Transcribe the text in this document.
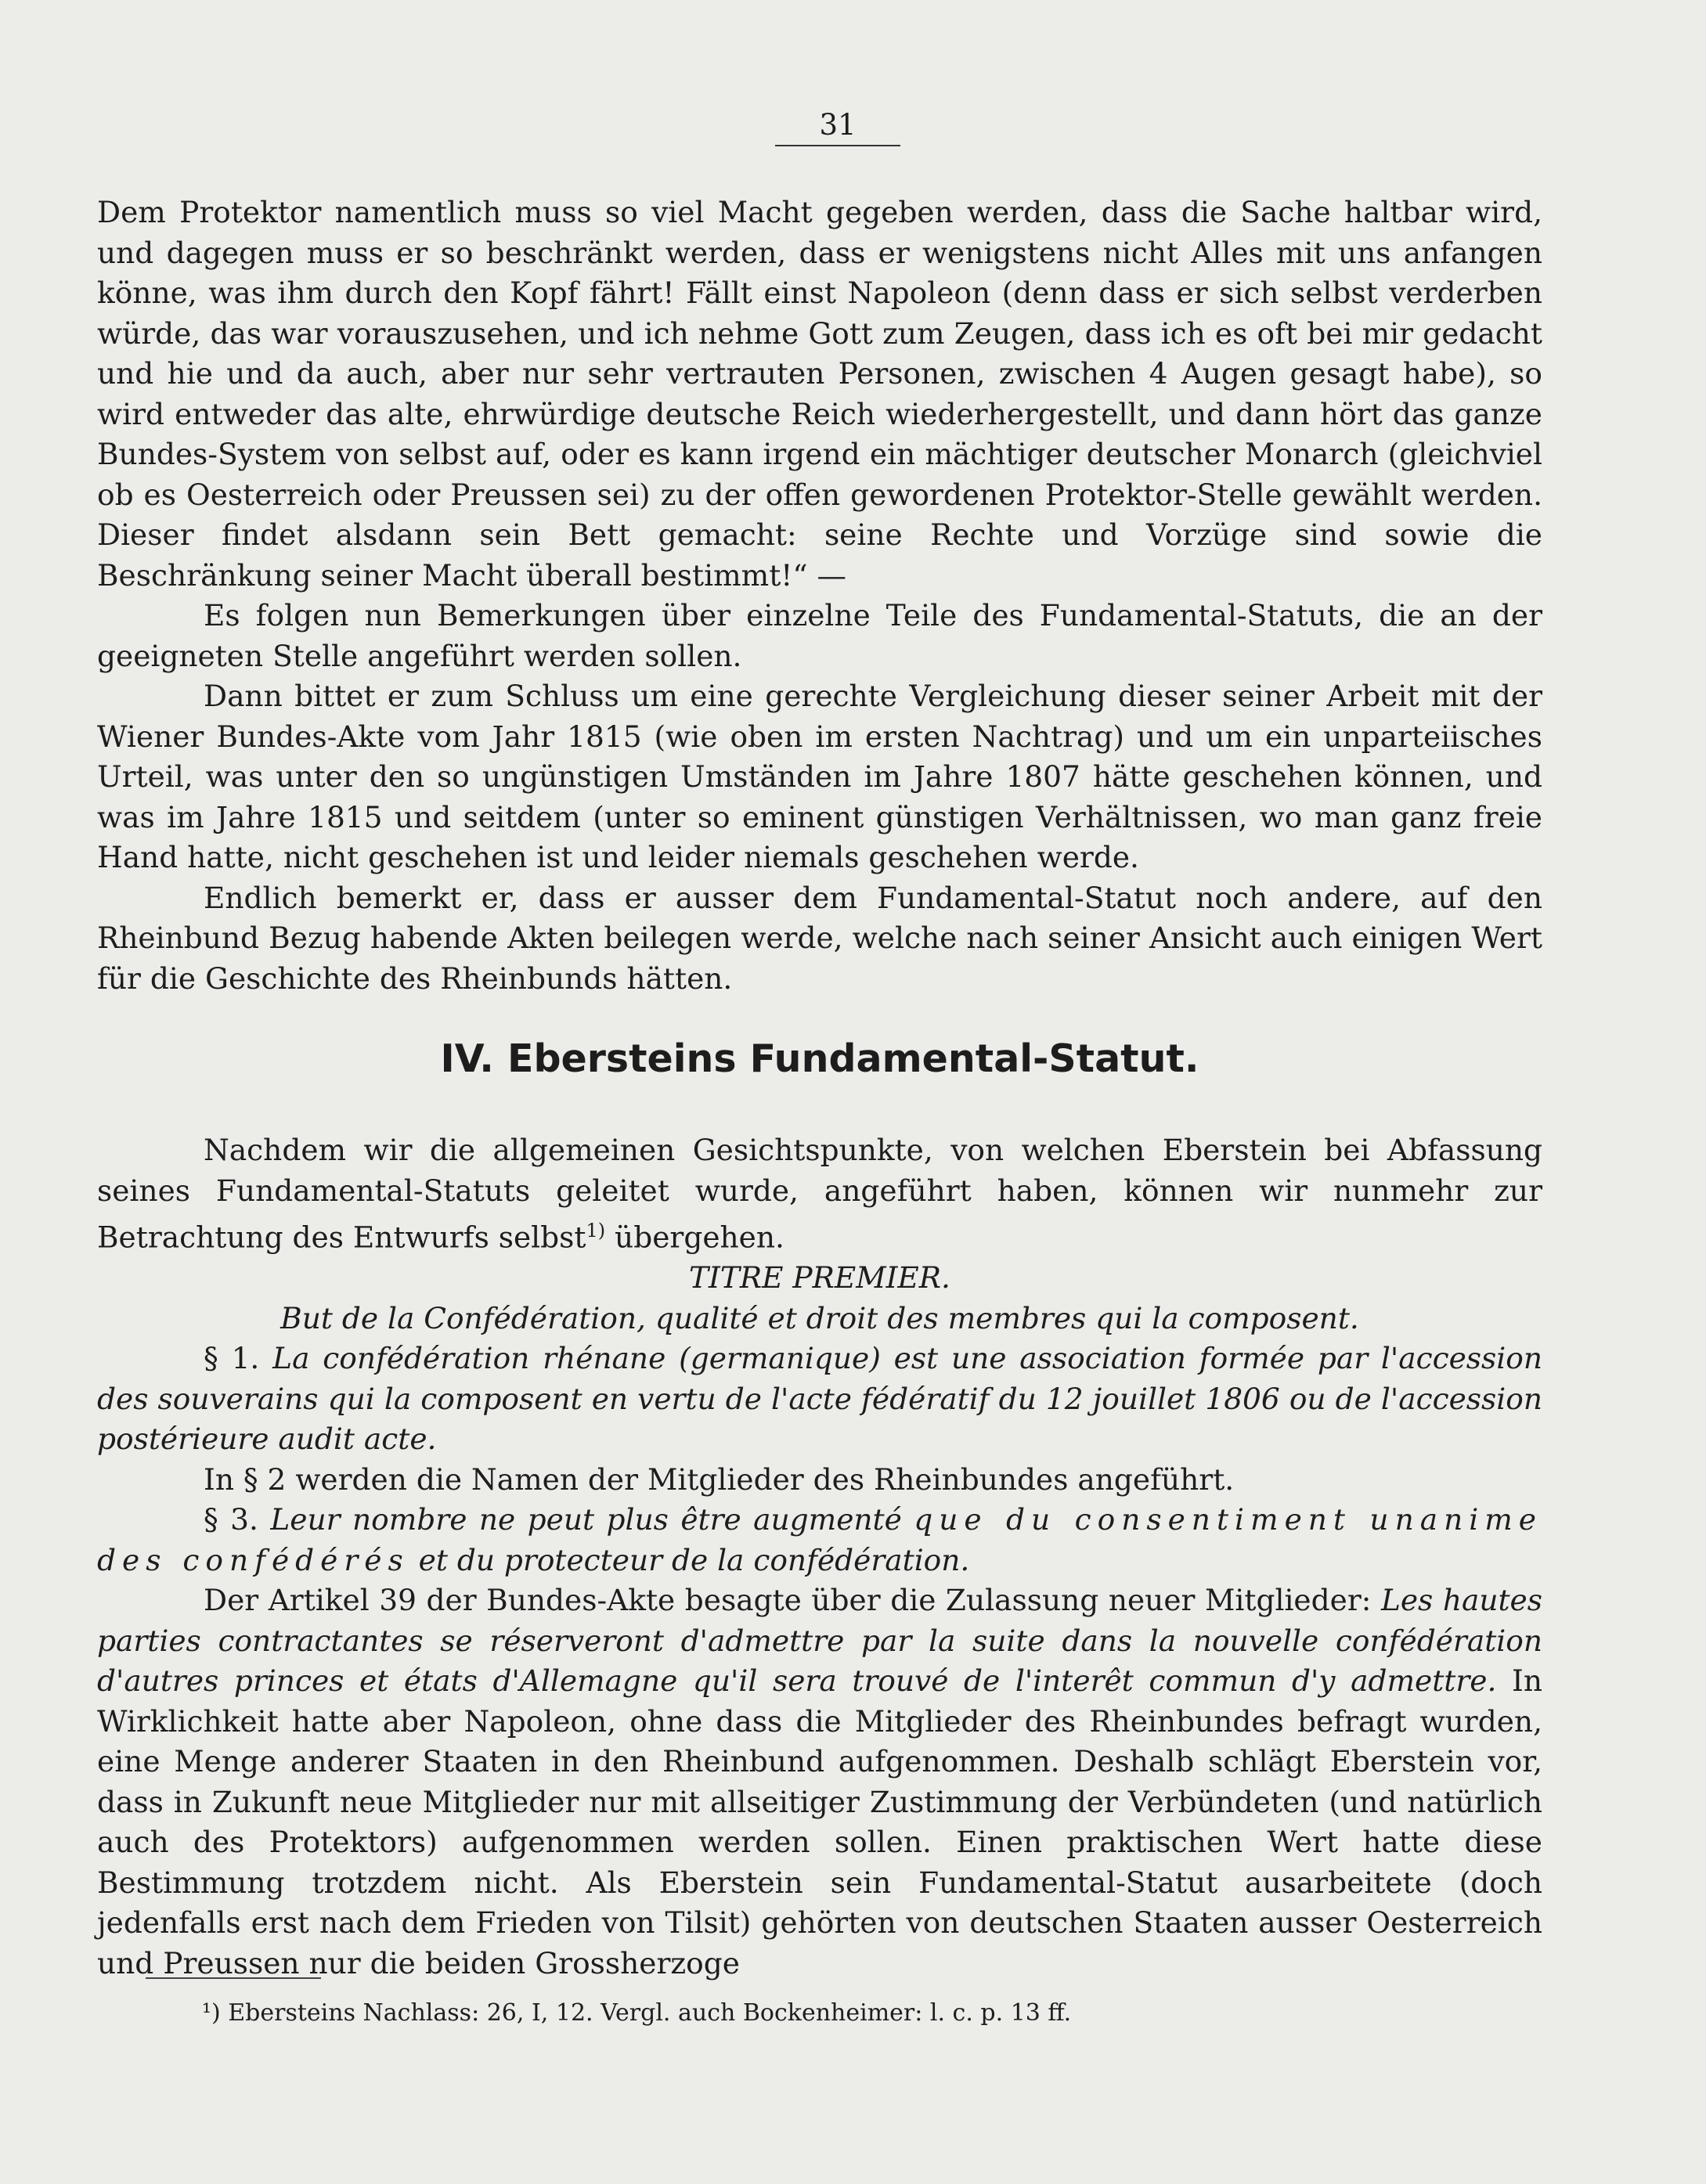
31

Dem Protektor namentlich muss so viel Macht gegeben werden, dass die Sache haltbar wird, und dagegen muss er so beschränkt werden, dass er wenigstens nicht Alles mit uns anfangen könne, was ihm durch den Kopf fährt! Fällt einst Napoleon (denn dass er sich selbst verderben würde, das war vorauszusehen, und ich nehme Gott zum Zeugen, dass ich es oft bei mir gedacht und hie und da auch, aber nur sehr vertrauten Personen, zwischen 4 Augen gesagt habe), so wird entweder das alte, ehrwürdige deutsche Reich wiederhergestellt, und dann hört das ganze Bundes-System von selbst auf, oder es kann irgend ein mächtiger deutscher Monarch (gleichviel ob es Oesterreich oder Preussen sei) zu der offen gewordenen Protektor-Stelle gewählt werden. Dieser findet alsdann sein Bett gemacht: seine Rechte und Vorzüge sind sowie die Beschränkung seiner Macht überall bestimmt!“ —

Es folgen nun Bemerkungen über einzelne Teile des Fundamental-Statuts, die an der geeigneten Stelle angeführt werden sollen.

Dann bittet er zum Schluss um eine gerechte Vergleichung dieser seiner Arbeit mit der Wiener Bundes-Akte vom Jahr 1815 (wie oben im ersten Nachtrag) und um ein unparteiisches Urteil, was unter den so ungünstigen Umständen im Jahre 1807 hätte geschehen können, und was im Jahre 1815 und seitdem (unter so eminent günstigen Verhältnissen, wo man ganz freie Hand hatte, nicht geschehen ist und leider niemals geschehen werde.

Endlich bemerkt er, dass er ausser dem Fundamental-Statut noch andere, auf den Rheinbund Bezug habende Akten beilegen werde, welche nach seiner Ansicht auch einigen Wert für die Geschichte des Rheinbunds hätten.

IV. Ebersteins Fundamental-Statut.

Nachdem wir die allgemeinen Gesichtspunkte, von welchen Eberstein bei Abfassung seines Fundamental-Statuts geleitet wurde, angeführt haben, können wir nunmehr zur Betrachtung des Entwurfs selbst$^{1)}$ übergehen.

TITRE PREMIER.

But de la Confédération, qualité et droit des membres qui la composent.

§ 1. La confédération rhénane (germanique) est une association formée par l'accession des souverains qui la composent en vertu de l'acte fédératif du 12 jouillet 1806 ou de l'accession postérieure audit acte.

In § 2 werden die Namen der Mitglieder des Rheinbundes angeführt.

§ 3. Leur nombre ne peut plus être augmenté que du consentiment unanime des confédérés et du protecteur de la confédération.

Der Artikel 39 der Bundes-Akte besagte über die Zulassung neuer Mitglieder: Les hautes parties contractantes se réserveront d'admettre par la suite dans la nouvelle confédération d'autres princes et états d'Allemagne qu'il sera trouvé de l'interêt commun d'y admettre. In Wirklichkeit hatte aber Napoleon, ohne dass die Mitglieder des Rheinbundes befragt wurden, eine Menge anderer Staaten in den Rheinbund aufgenommen. Deshalb schlägt Eberstein vor, dass in Zukunft neue Mitglieder nur mit allseitiger Zustimmung der Verbündeten (und natürlich auch des Protektors) aufgenommen werden sollen. Einen praktischen Wert hatte diese Bestimmung trotzdem nicht. Als Eberstein sein Fundamental-Statut ausarbeitete (doch jedenfalls erst nach dem Frieden von Tilsit) gehörten von deutschen Staaten ausser Oesterreich und Preussen nur die beiden Grossherzoge

¹) Ebersteins Nachlass: 26, I, 12. Vergl. auch Bockenheimer: l. c. p. 13 ff.
